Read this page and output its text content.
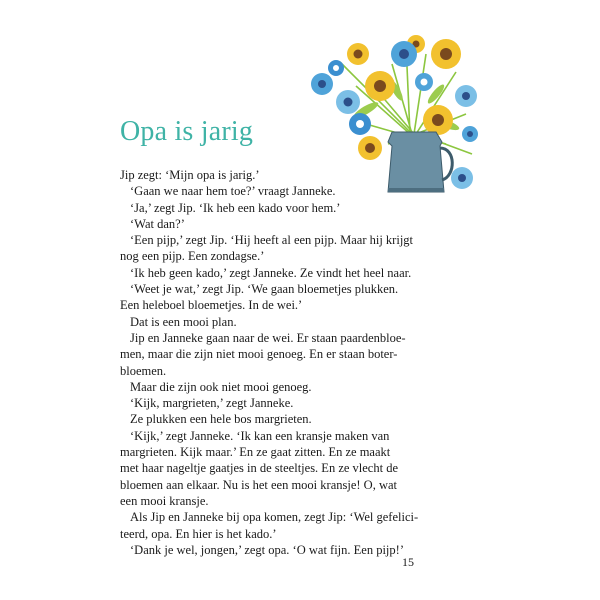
Opa is jarig
Jip zegt: ‘Mijn opa is jarig.’
‘Gaan we naar hem toe?’ vraagt Janneke.
‘Ja,’ zegt Jip. ‘Ik heb een kado voor hem.’
‘Wat dan?’
‘Een pijp,’ zegt Jip. ‘Hij heeft al een pijp. Maar hij krijgt
nog een pijp. Een zondagse.’
‘Ik heb geen kado,’ zegt Janneke. Ze vindt het heel naar.
‘Weet je wat,’ zegt Jip. ‘We gaan bloemetjes plukken.
Een heleboel bloemetjes. In de wei.’
Dat is een mooi plan.
Jip en Janneke gaan naar de wei. Er staan paardenbloe-
men, maar die zijn niet mooi genoeg. En er staan boter-
bloemen.
Maar die zijn ook niet mooi genoeg.
‘Kijk, margrieten,’ zegt Janneke.
Ze plukken een hele bos margrieten.
‘Kijk,’ zegt Janneke. ‘Ik kan een kransje maken van
margrieten. Kijk maar.’ En ze gaat zitten. En ze maakt
met haar nageltje gaatjes in de steeltjes. En ze vlecht de
bloemen aan elkaar. Nu is het een mooi kransje! O, wat
een mooi kransje.
Als Jip en Janneke bij opa komen, zegt Jip: ‘Wel gefelici-
teerd, opa. En hier is het kado.’
‘Dank je wel, jongen,’ zegt opa. ‘O wat fijn. Een pijp!’
15
